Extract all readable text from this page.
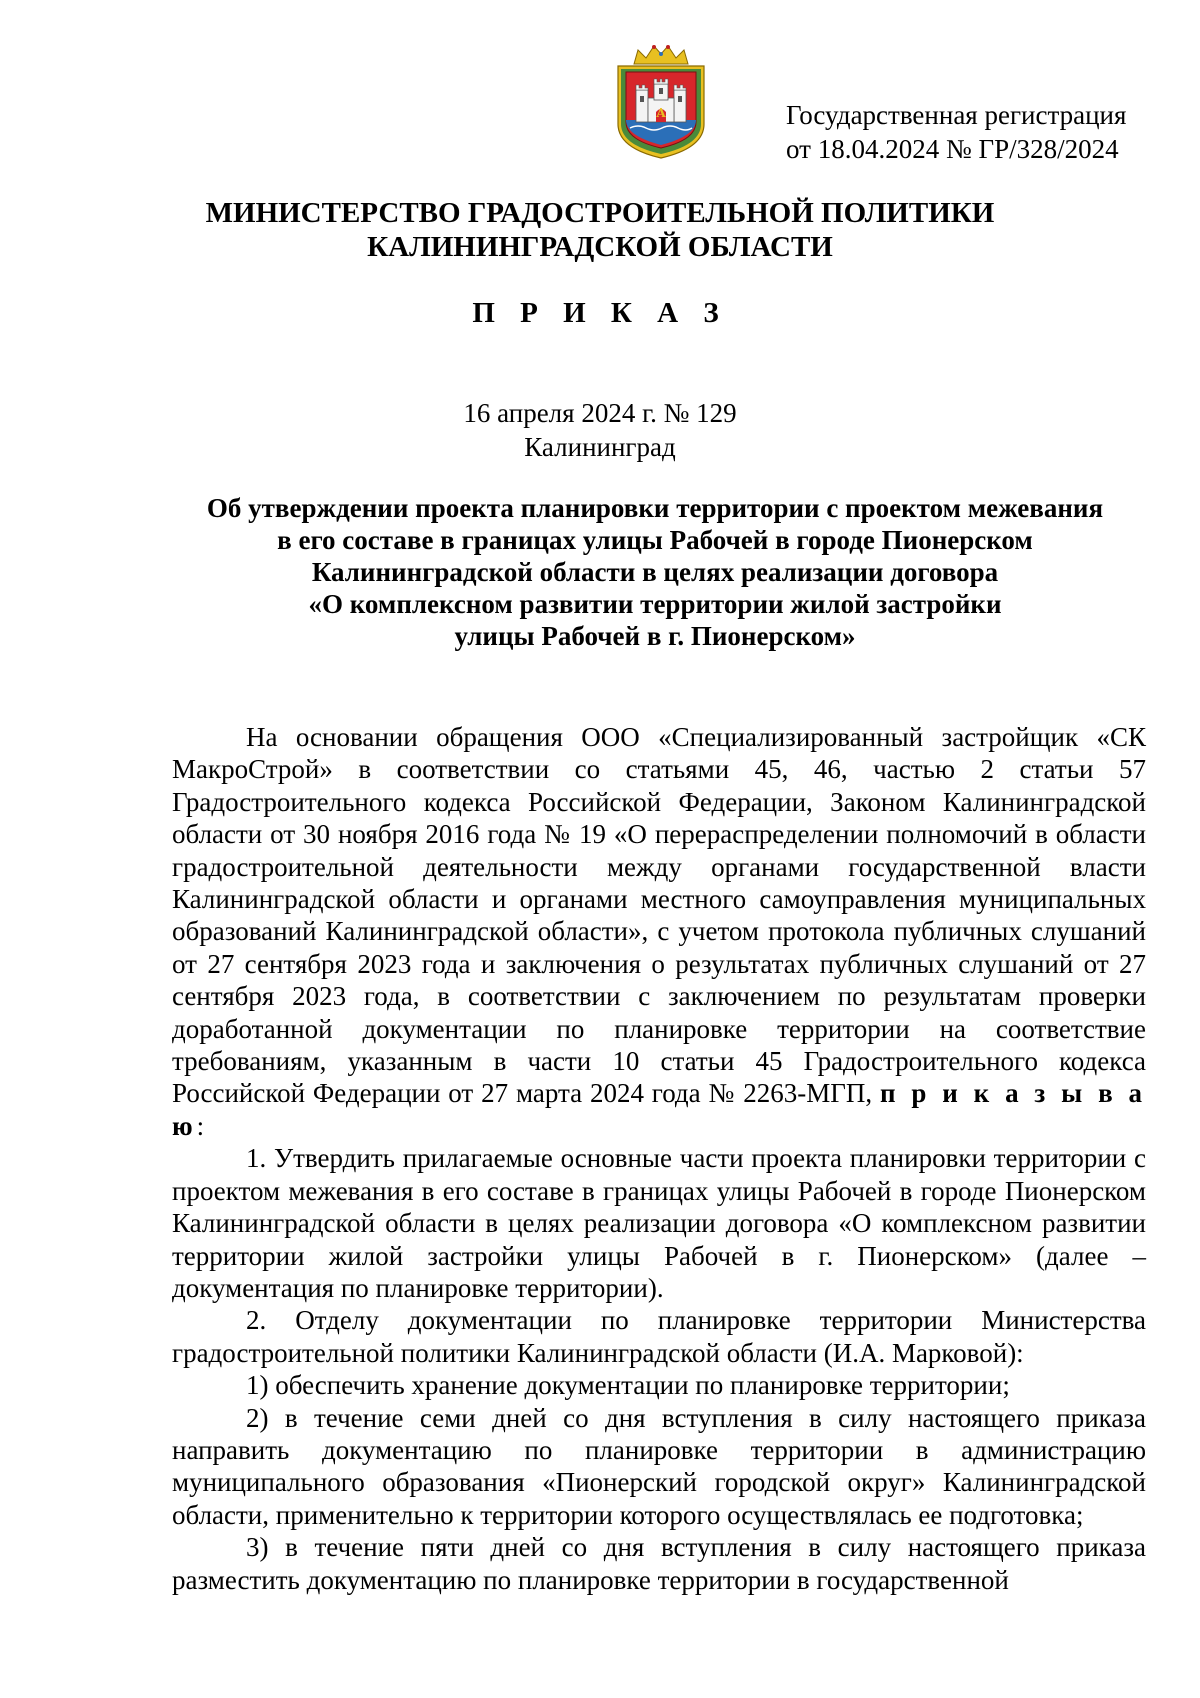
A	Государственная регистрация
от 18.04.2024 № ГР/328/2024
МИНИСТЕРСТВО ГРАДОСТРОИТЕЛЬНОЙ ПОЛИТИКИ
КАЛИНИНГРАДСКОЙ ОБЛАСТИ
П Р И К А З
16 апреля 2024 г. № 129
Калининград
Об утверждении проекта планировки территории с проектом межевания
в его составе в границах улицы Рабочей в городе Пионерском
Калининградской области в целях реализации договора
«О комплексном развитии территории жилой застройки
улицы Рабочей в г. Пионерском»

На основании обращения ООО «Специализированный застройщик «СК МакроСтрой» в соответствии со статьями 45, 46, частью 2 статьи 57 Градостроительного кодекса Российской Федерации, Законом Калининградской области от 30 ноября 2016 года № 19 «О перераспределении полномочий в области градостроительной деятельности между органами государственной власти Калининградской области и органами местного самоуправления муниципальных образований Калининградской области», с учетом протокола публичных слушаний от 27 сентября 2023 года и заключения о результатах публичных слушаний от 27 сентября 2023 года, в соответствии с заключением по результатам проверки доработанной документации по планировке территории на соответствие требованиям, указанным в части 10 статьи 45 Градостроительного кодекса Российской Федерации от 27 марта 2024 года № 2263-МГП, п р и к а з ы в а ю:

1. Утвердить прилагаемые основные части проекта планировки территории с проектом межевания в его составе в границах улицы Рабочей в городе Пионерском Калининградской области в целях реализации договора «О комплексном развитии территории жилой застройки улицы Рабочей в г. Пионерском» (далее – документация по планировке территории).

2. Отделу документации по планировке территории Министерства градостроительной политики Калининградской области (И.А. Марковой):

1) обеспечить хранение документации по планировке территории;

2) в течение семи дней со дня вступления в силу настоящего приказа направить документацию по планировке территории в администрацию муниципального образования «Пионерский городской округ» Калининградской области, применительно к территории которого осуществлялась ее подготовка;

3) в течение пяти дней со дня вступления в силу настоящего приказа разместить документацию по планировке территории в государственной
